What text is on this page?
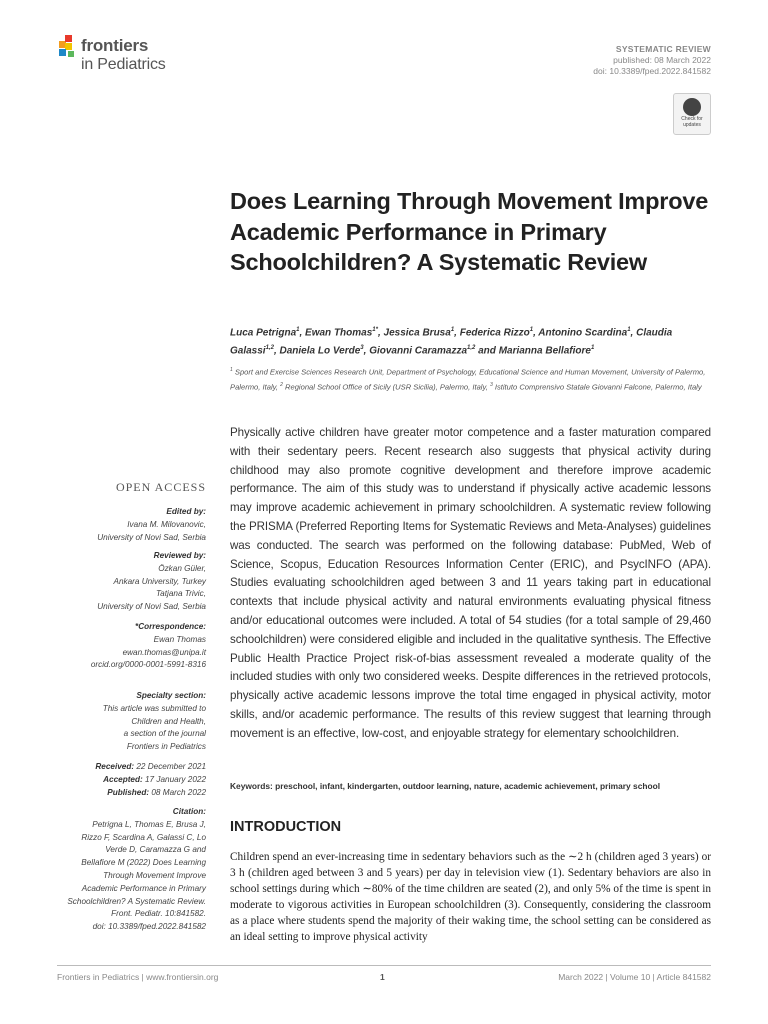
frontiers
in Pediatrics
SYSTEMATIC REVIEW
published: 08 March 2022
doi: 10.3389/fped.2022.841582
Check for updates
Does Learning Through Movement Improve Academic Performance in Primary Schoolchildren? A Systematic Review
Luca Petrigna$^1$, Ewan Thomas$^{1*}$, Jessica Brusa$^1$, Federica Rizzo$^1$, Antonino Scardina$^1$, Claudia Galassi$^{1,2}$, Daniela Lo Verde$^3$, Giovanni Caramazza$^{1,2}$ and Marianna Bellafiore$^1$
$^1$ Sport and Exercise Sciences Research Unit, Department of Psychology, Educational Science and Human Movement, University of Palermo, Palermo, Italy, $^2$ Regional School Office of Sicily (USR Sicilia), Palermo, Italy, $^3$ Istituto Comprensivo Statale Giovanni Falcone, Palermo, Italy
Physically active children have greater motor competence and a faster maturation compared with their sedentary peers. Recent research also suggests that physical activity during childhood may also promote cognitive development and therefore improve academic performance. The aim of this study was to understand if physically active academic lessons may improve academic achievement in primary schoolchildren. A systematic review following the PRISMA (Preferred Reporting Items for Systematic Reviews and Meta-Analyses) guidelines was conducted. The search was performed on the following database: PubMed, Web of Science, Scopus, Education Resources Information Center (ERIC), and PsycINFO (APA). Studies evaluating schoolchildren aged between 3 and 11 years taking part in educational contexts that include physical activity and natural environments evaluating physical fitness and/or educational outcomes were included. A total of 54 studies (for a total sample of 29,460 schoolchildren) were considered eligible and included in the qualitative synthesis. The Effective Public Health Practice Project risk-of-bias assessment revealed a moderate quality of the included studies with only two considered weeks. Despite differences in the retrieved protocols, physically active academic lessons improve the total time engaged in physical activity, motor skills, and/or academic performance. The results of this review suggest that learning through movement is an effective, low-cost, and enjoyable strategy for elementary schoolchildren.
Keywords: preschool, infant, kindergarten, outdoor learning, nature, academic achievement, primary school
INTRODUCTION
Children spend an ever-increasing time in sedentary behaviors such as the ∼2 h (children aged 3 years) or 3 h (children aged between 3 and 5 years) per day in television view (1). Sedentary behaviors are also in school settings during which ∼80% of the time children are seated (2), and only 5% of the time is spent in moderate to vigorous activities in European schoolchildren (3). Consequently, considering the classroom as a place where students spend the majority of their waking time, the school setting can be considered as an ideal setting to improve physical activity
OPEN ACCESS
Edited by:
Ivana M. Milovanovic,
University of Novi Sad, Serbia
Reviewed by:
Özkan Güler,
Ankara University, Turkey
Tatjana Trivic,
University of Novi Sad, Serbia
*Correspondence:
Ewan Thomas
ewan.thomas@unipa.it
orcid.org/0000-0001-5991-8316
Specialty section:
This article was submitted to
Children and Health,
a section of the journal
Frontiers in Pediatrics
Received: 22 December 2021
Accepted: 17 January 2022
Published: 08 March 2022
Citation:
Petrigna L, Thomas E, Brusa J,
Rizzo F, Scardina A, Galassi C, Lo
Verde D, Caramazza G and
Bellafiore M (2022) Does Learning
Through Movement Improve
Academic Performance in Primary
Schoolchildren? A Systematic Review.
Front. Pediatr. 10:841582.
doi: 10.3389/fped.2022.841582
Frontiers in Pediatrics | www.frontiersin.org	1	March 2022 | Volume 10 | Article 841582
